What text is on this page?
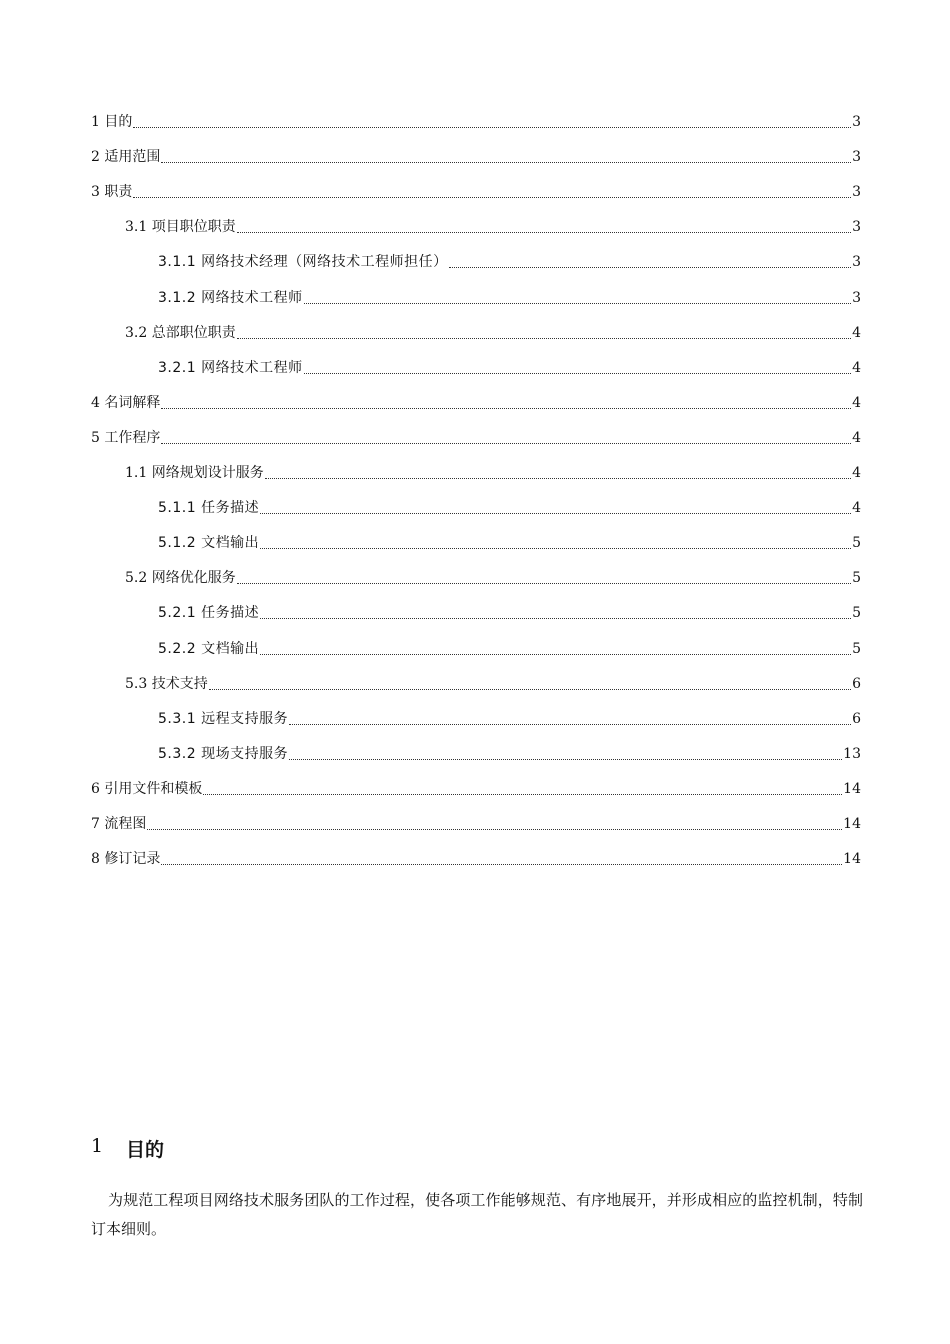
1 目的	3
2 适用范围	3
3 职责	3
3.1 项目职位职责	3
3.1.1 网络技术经理（网络技术工程师担任）	3
3.1.2 网络技术工程师	3
3.2 总部职位职责	4
3.2.1 网络技术工程师	4
4 名词解释	4
5 工作程序	4
1.1 网络规划设计服务	4
5.1.1 任务描述	4
5.1.2 文档输出	5
5.2 网络优化服务	5
5.2.1 任务描述	5
5.2.2 文档输出	5
5.3 技术支持	6
5.3.1 远程支持服务	6
5.3.2 现场支持服务	13
6 引用文件和模板	14
7 流程图	14
8 修订记录	14
1	目的

为规范工程项目网络技术服务团队的工作过程，使各项工作能够规范、有序地展开，并形成相应的监控机制，特制订本细则。
